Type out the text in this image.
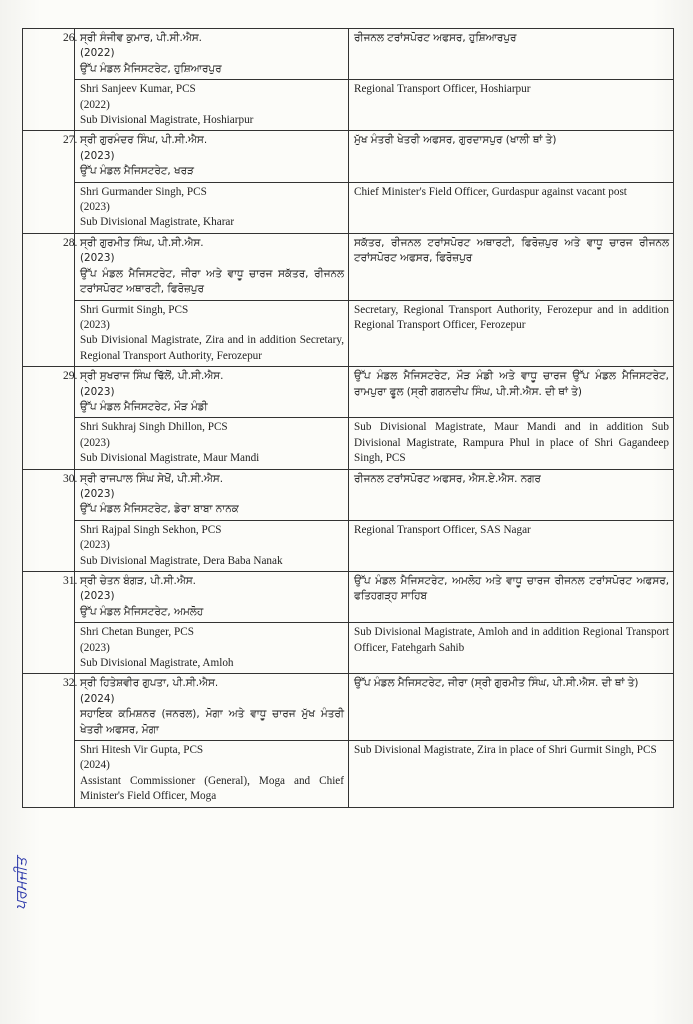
ਪਰਮਜੀਤ
26.	ਸ੍ਰੀ ਸੰਜੀਵ ਕੁਮਾਰ, ਪੀ.ਸੀ.ਐਸ.
(2022)
ਉੱਪ ਮੰਡਲ ਮੈਜਿਸਟਰੇਟ, ਹੁਸ਼ਿਆਰਪੁਰ	ਰੀਜਨਲ ਟਰਾਂਸਪੋਰਟ ਅਫਸਰ, ਹੁਸ਼ਿਆਰਪੁਰ

	Shri Sanjeev Kumar, PCS
(2022)
Sub Divisional Magistrate, Hoshiarpur	Regional Transport Officer, Hoshiarpur
27.	ਸ੍ਰੀ ਗੁਰਮੰਦਰ ਸਿੰਘ, ਪੀ.ਸੀ.ਐਸ.
(2023)
ਉੱਪ ਮੰਡਲ ਮੈਜਿਸਟਰੇਟ, ਖਰੜ	ਮੁੱਖ ਮੰਤਰੀ ਖੇਤਰੀ ਅਫਸਰ, ਗੁਰਦਾਸਪੁਰ (ਖਾਲੀ ਥਾਂ ਤੇ)

	Shri Gurmander Singh, PCS
(2023)
Sub Divisional Magistrate, Kharar	Chief Minister's Field Officer, Gurdaspur against vacant post
28.	ਸ੍ਰੀ ਗੁਰਮੀਤ ਸਿੰਘ, ਪੀ.ਸੀ.ਐਸ.
(2023)
ਉੱਪ ਮੰਡਲ ਮੈਜਿਸਟਰੇਟ, ਜੀਰਾ ਅਤੇ ਵਾਧੂ ਚਾਰਜ ਸਕੱਤਰ, ਰੀਜਨਲ ਟਰਾਂਸਪੋਰਟ ਅਥਾਰਟੀ, ਫਿਰੋਜ਼ਪੁਰ	ਸਕੱਤਰ, ਰੀਜਨਲ ਟਰਾਂਸਪੋਰਟ ਅਥਾਰਟੀ, ਫਿਰੋਜ਼ਪੁਰ ਅਤੇ ਵਾਧੂ ਚਾਰਜ ਰੀਜਨਲ ਟਰਾਂਸਪੋਰਟ ਅਫਸਰ, ਫਿਰੋਜ਼ਪੁਰ

	Shri Gurmit Singh, PCS
(2023)
Sub Divisional Magistrate, Zira and in addition Secretary, Regional Transport Authority, Ferozepur	Secretary, Regional Transport Authority, Ferozepur and in addition Regional Transport Officer, Ferozepur
29.	ਸ੍ਰੀ ਸੁਖਰਾਜ ਸਿੰਘ ਢਿੱਲੋਂ, ਪੀ.ਸੀ.ਐਸ.
(2023)
ਉੱਪ ਮੰਡਲ ਮੈਜਿਸਟਰੇਟ, ਮੌੜ ਮੰਡੀ	ਉੱਪ ਮੰਡਲ ਮੈਜਿਸਟਰੇਟ, ਮੌੜ ਮੰਡੀ ਅਤੇ ਵਾਧੂ ਚਾਰਜ ਉੱਪ ਮੰਡਲ ਮੈਜਿਸਟਰੇਟ, ਰਾਮਪੁਰਾ ਫੂਲ (ਸ੍ਰੀ ਗਗਨਦੀਪ ਸਿੰਘ, ਪੀ.ਸੀ.ਐਸ. ਦੀ ਥਾਂ ਤੇ)

	Shri Sukhraj Singh Dhillon, PCS
(2023)
Sub Divisional Magistrate, Maur Mandi	Sub Divisional Magistrate, Maur Mandi and in addition Sub Divisional Magistrate, Rampura Phul in place of Shri Gagandeep Singh, PCS
30.	ਸ੍ਰੀ ਰਾਜਪਾਲ ਸਿੰਘ ਸੇਖੋਂ, ਪੀ.ਸੀ.ਐਸ.
(2023)
ਉੱਪ ਮੰਡਲ ਮੈਜਿਸਟਰੇਟ, ਡੇਰਾ ਬਾਬਾ ਨਾਨਕ	ਰੀਜਨਲ ਟਰਾਂਸਪੋਰਟ ਅਫਸਰ, ਐਸ.ਏ.ਐਸ. ਨਗਰ

	Shri Rajpal Singh Sekhon, PCS
(2023)
Sub Divisional Magistrate, Dera Baba Nanak	Regional Transport Officer, SAS Nagar
31.	ਸ੍ਰੀ ਚੇਤਨ ਬੰਗੜ, ਪੀ.ਸੀ.ਐਸ.
(2023)
ਉੱਪ ਮੰਡਲ ਮੈਜਿਸਟਰੇਟ, ਅਮਲੋਹ	ਉੱਪ ਮੰਡਲ ਮੈਜਿਸਟਰੇਟ, ਅਮਲੋਹ ਅਤੇ ਵਾਧੂ ਚਾਰਜ ਰੀਜਨਲ ਟਰਾਂਸਪੋਰਟ ਅਫਸਰ, ਫਤਿਹਗੜ੍ਹ ਸਾਹਿਬ

	Shri Chetan Bunger, PCS
(2023)
Sub Divisional Magistrate, Amloh	Sub Divisional Magistrate, Amloh and in addition Regional Transport Officer, Fatehgarh Sahib
32.	ਸ੍ਰੀ ਹਿਤੇਸ਼ਵੀਰ ਗੁਪਤਾ, ਪੀ.ਸੀ.ਐਸ.
(2024)
ਸਹਾਇਕ ਕਮਿਸ਼ਨਰ (ਜਨਰਲ), ਮੋਗਾ ਅਤੇ ਵਾਧੂ ਚਾਰਜ ਮੁੱਖ ਮੰਤਰੀ ਖੇਤਰੀ ਅਫਸਰ, ਮੋਗਾ	ਉੱਪ ਮੰਡਲ ਮੈਜਿਸਟਰੇਟ, ਜੀਰਾ (ਸ੍ਰੀ ਗੁਰਮੀਤ ਸਿੰਘ, ਪੀ.ਸੀ.ਐਸ. ਦੀ ਥਾਂ ਤੇ)

	Shri Hitesh Vir Gupta, PCS
(2024)
Assistant Commissioner (General), Moga and Chief Minister's Field Officer, Moga	Sub Divisional Magistrate, Zira in place of Shri Gurmit Singh, PCS
